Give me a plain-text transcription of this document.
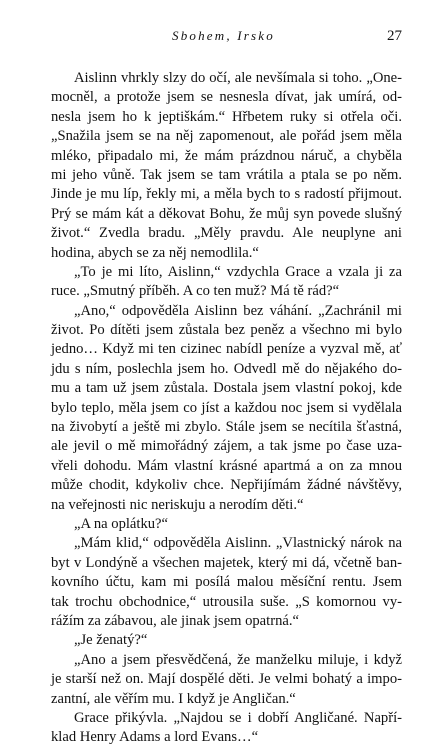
Sbohem, Irsko	27
Aislinn vhrkly slzy do očí, ale nevšímala si toho. „One-
mocněl, a protože jsem se nesnesla dívat, jak umírá, od-
nesla jsem ho k jeptiškám.“ Hřbetem ruky si otřela oči.
„Snažila jsem se na něj zapomenout, ale pořád jsem měla
mléko, připadalo mi, že mám prázdnou náruč, a chyběla
mi jeho vůně. Tak jsem se tam vrátila a ptala se po něm.
Jinde je mu líp, řekly mi, a měla bych to s radostí přijmout.
Prý se mám kát a děkovat Bohu, že můj syn povede slušný
život.“ Zvedla bradu. „Měly pravdu. Ale neuplyne ani
hodina, abych se za něj nemodlila.“
„To je mi líto, Aislinn,“ vzdychla Grace a vzala ji za
ruce. „Smutný příběh. A co ten muž? Má tě rád?“
„Ano,“ odpověděla Aislinn bez váhání. „Zachránil mi
život. Po dítěti jsem zůstala bez peněz a všechno mi bylo
jedno… Když mi ten cizinec nabídl peníze a vyzval mě, ať
jdu s ním, poslechla jsem ho. Odvedl mě do nějakého do-
mu a tam už jsem zůstala. Dostala jsem vlastní pokoj, kde
bylo teplo, měla jsem co jíst a každou noc jsem si vydělala
na živobytí a ještě mi zbylo. Stále jsem se necítila šťastná,
ale jevil o mě mimořádný zájem, a tak jsme po čase uza-
vřeli dohodu. Mám vlastní krásné apartmá a on za mnou
může chodit, kdykoliv chce. Nepřijímám žádné návštěvy,
na veřejnosti nic neriskuju a nerodím děti.“
„A na oplátku?“
„Mám klid,“ odpověděla Aislinn. „Vlastnický nárok na
byt v Londýně a všechen majetek, který mi dá, včetně ban-
kovního účtu, kam mi posílá malou měsíční rentu. Jsem
tak trochu obchodnice,“ utrousila suše. „S komornou vy-
rážím za zábavou, ale jinak jsem opatrná.“
„Je ženatý?“
„Ano a jsem přesvědčená, že manželku miluje, i když
je starší než on. Mají dospělé děti. Je velmi bohatý a impo-
zantní, ale věřím mu. I když je Angličan.“
Grace přikývla. „Najdou se i dobří Angličané. Napří-
klad Henry Adams a lord Evans…“
